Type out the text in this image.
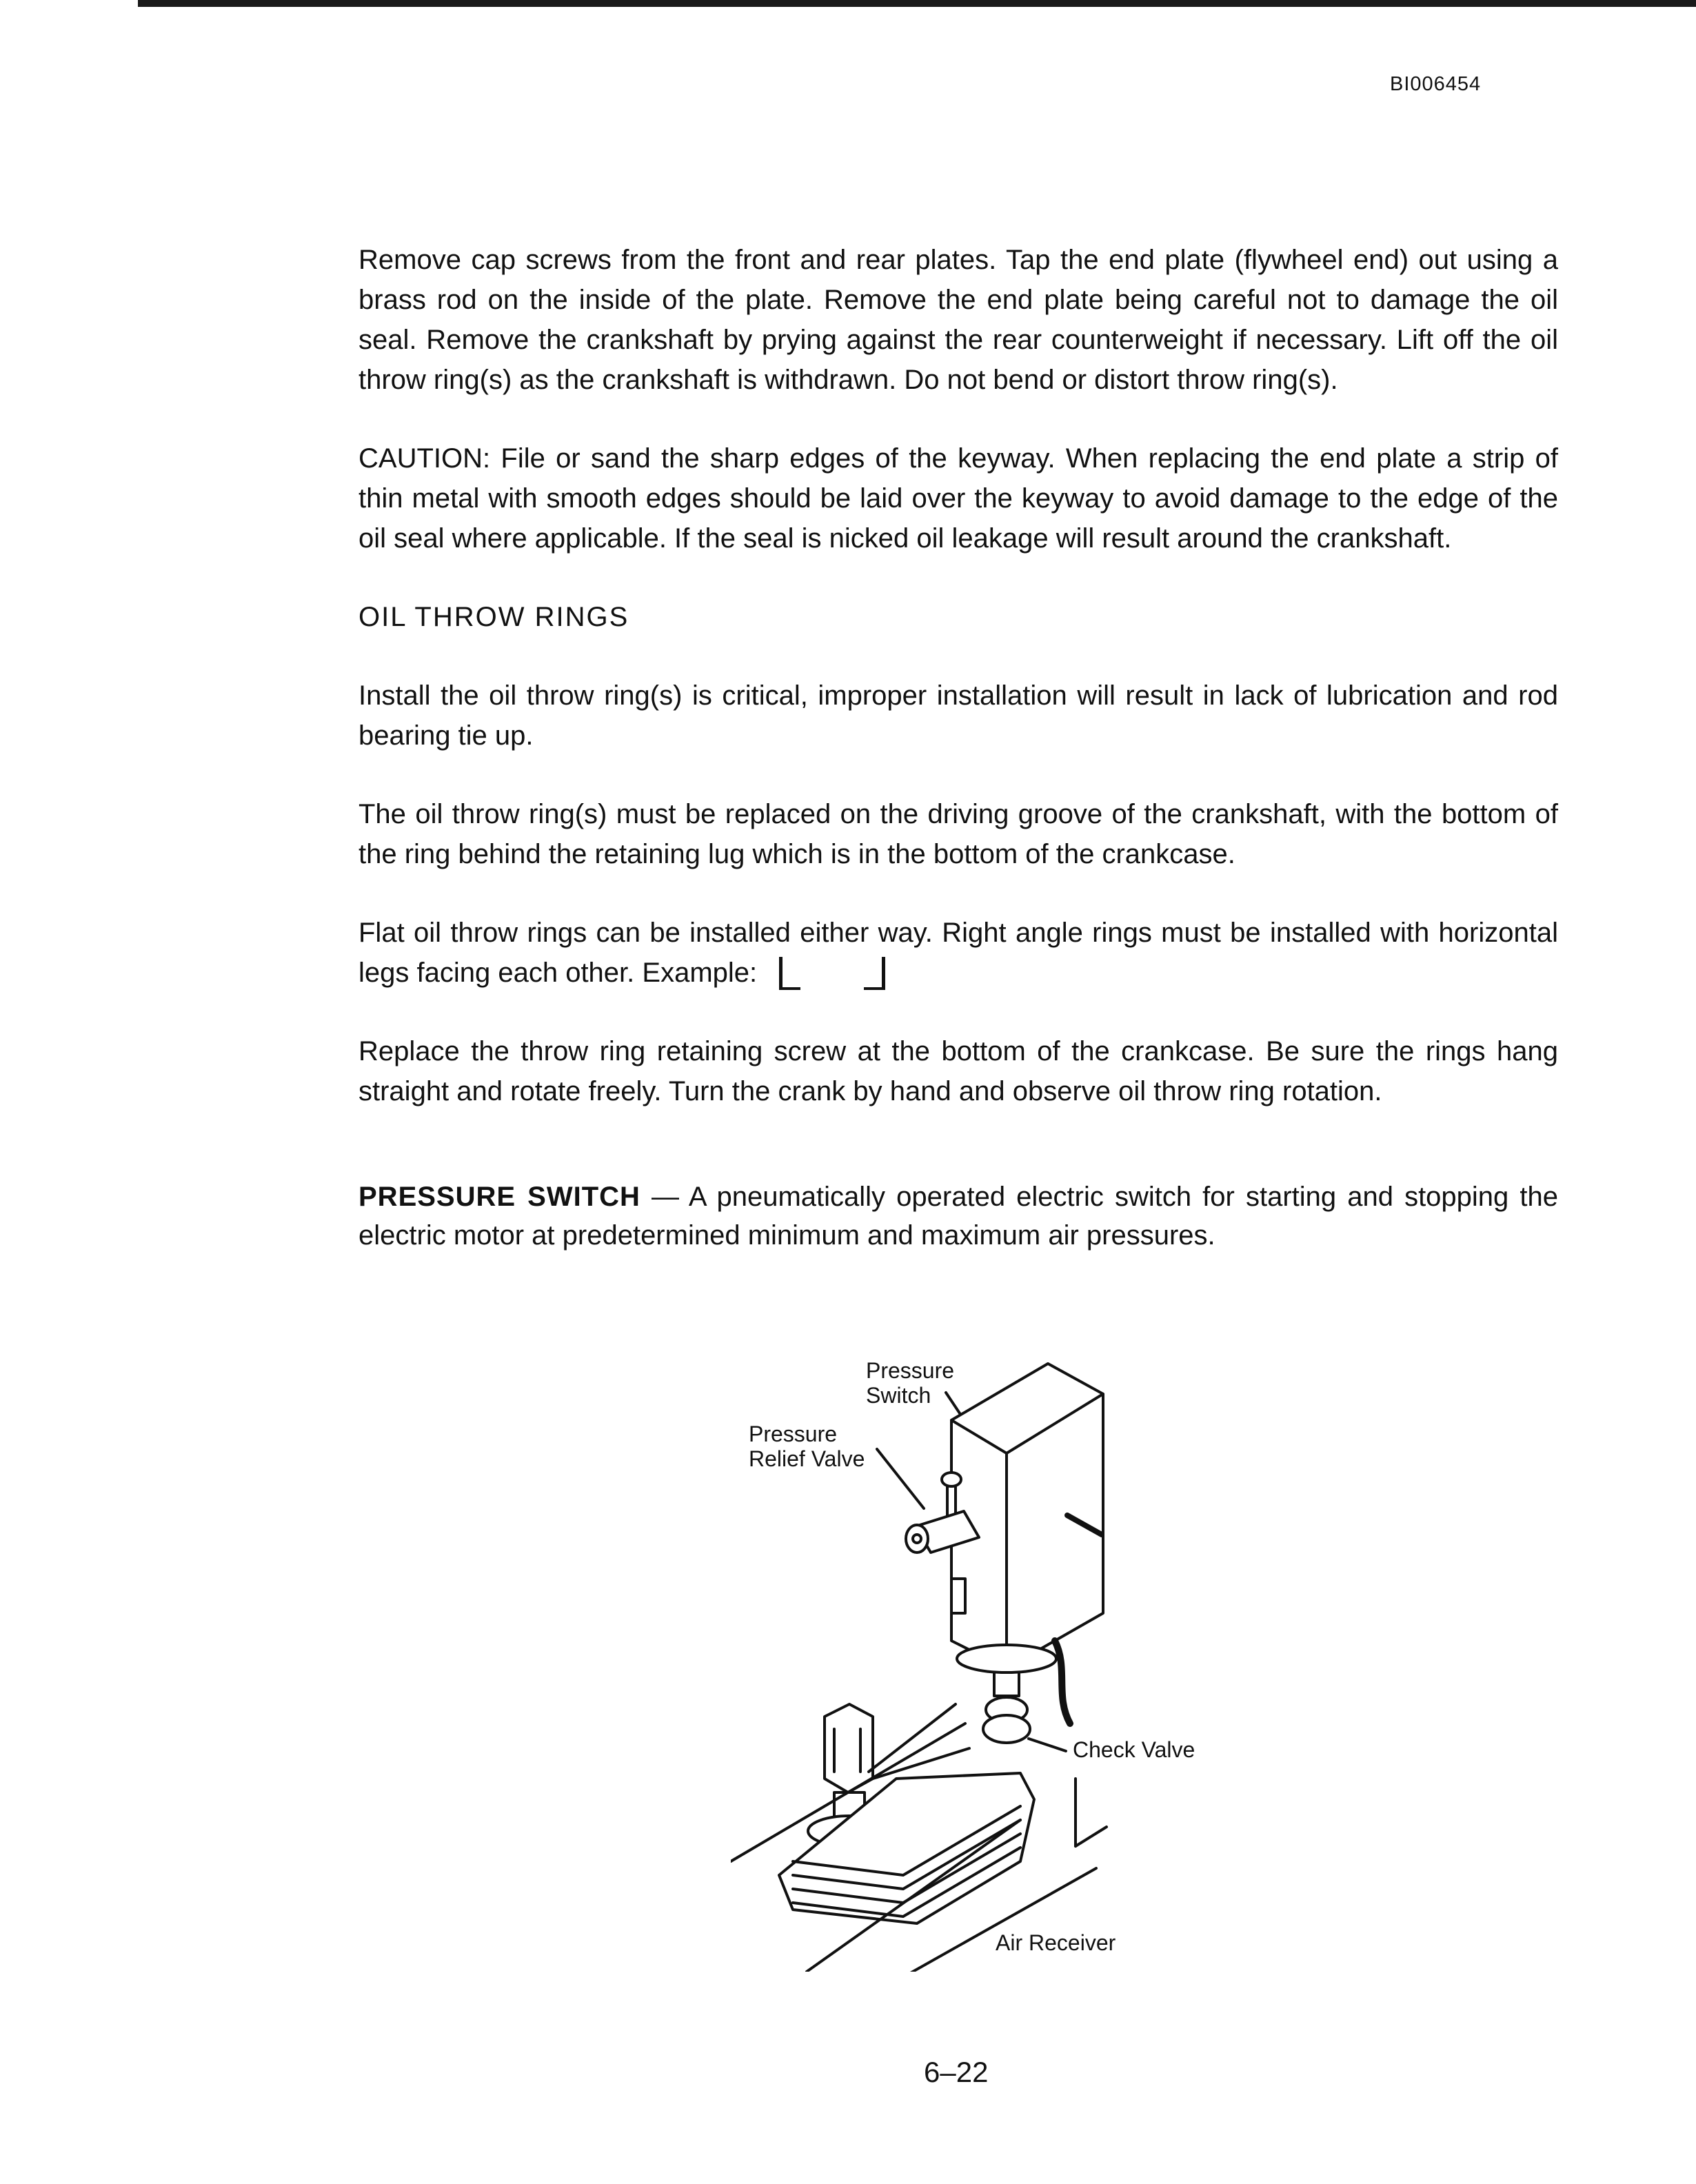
BI006454

Remove cap screws from the front and rear plates. Tap the end plate (flywheel end) out using a brass rod on the inside of the plate. Remove the end plate being careful not to damage the oil seal. Remove the crankshaft by prying against the rear counterweight if necessary. Lift off the oil throw ring(s) as the crankshaft is withdrawn. Do not bend or distort throw ring(s).

CAUTION: File or sand the sharp edges of the keyway. When replacing the end plate a strip of thin metal with smooth edges should be laid over the keyway to avoid damage to the edge of the oil seal where applicable. If the seal is nicked oil leakage will result around the crankshaft.

OIL THROW RINGS

Install the oil throw ring(s) is critical, improper installation will result in lack of lubrication and rod bearing tie up.

The oil throw ring(s) must be replaced on the driving groove of the crankshaft, with the bottom of the ring behind the retaining lug which is in the bottom of the crankcase.

Flat oil throw rings can be installed either way. Right angle rings must be installed with horizontal legs facing each other. Example:

Replace the throw ring retaining screw at the bottom of the crankcase. Be sure the rings hang straight and rotate freely. Turn the crank by hand and observe oil throw ring rotation.

PRESSURE SWITCH — A pneumatically operated electric switch for starting and stopping the electric motor at predetermined minimum and maximum air pressures.

Pressure
Switch
Pressure
Relief Valve
Check Valve
Air Receiver
6–22
